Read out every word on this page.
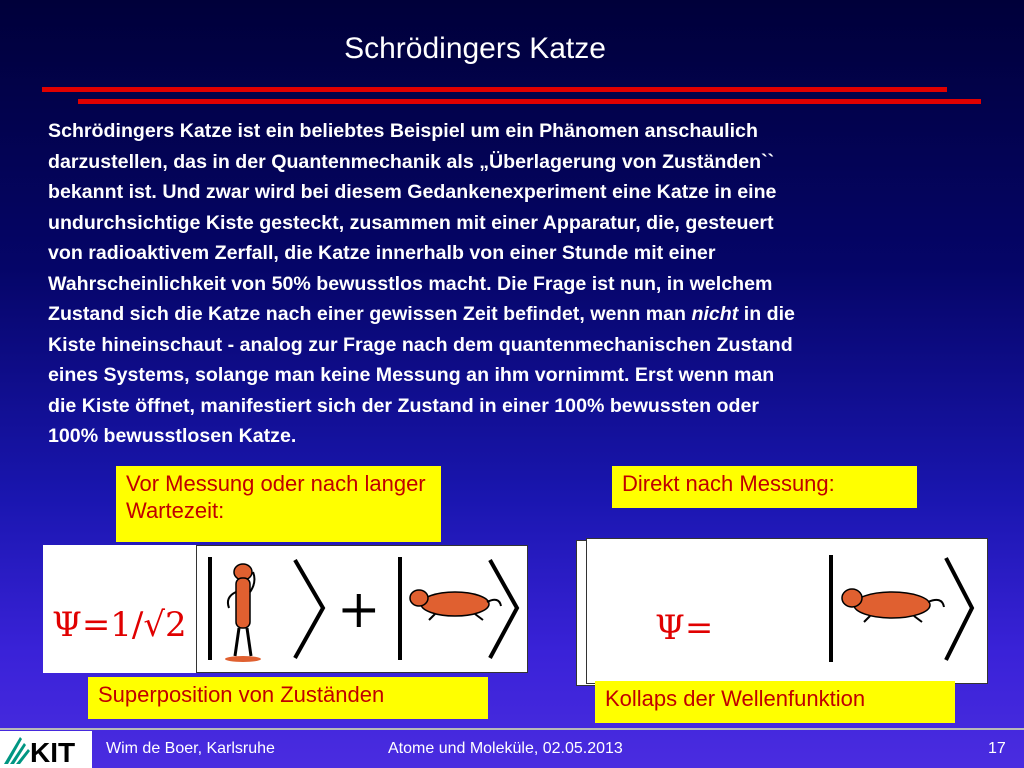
Schrödingers Katze
Schrödingers Katze ist ein beliebtes Beispiel um ein Phänomen anschaulich
darzustellen, das in der Quantenmechanik als „Überlagerung von Zuständen``
bekannt ist. Und zwar wird bei diesem Gedankenexperiment eine Katze in eine
undurchsichtige Kiste gesteckt, zusammen mit einer Apparatur, die, gesteuert
von radioaktivem Zerfall, die Katze innerhalb von einer Stunde mit einer
Wahrscheinlichkeit von 50% bewusstlos macht. Die Frage ist nun, in welchem
Zustand sich die Katze nach einer gewissen Zeit befindet, wenn man nicht in die
Kiste hineinschaut - analog zur Frage nach dem quantenmechanischen Zustand
eines Systems, solange man keine Messung an ihm vornimmt. Erst wenn man
die Kiste öffnet, manifestiert sich der Zustand in einer 100% bewussten oder
100% bewusstlosen Katze.
Vor Messung oder nach langer Wartezeit:
Direkt nach Messung:
Ψ=1/√2	+	Ψ=
Superposition von Zuständen	Kollaps der Wellenfunktion
KIT Wim de Boer, Karlsruhe	Atome und Moleküle, 02.05.2013	17
